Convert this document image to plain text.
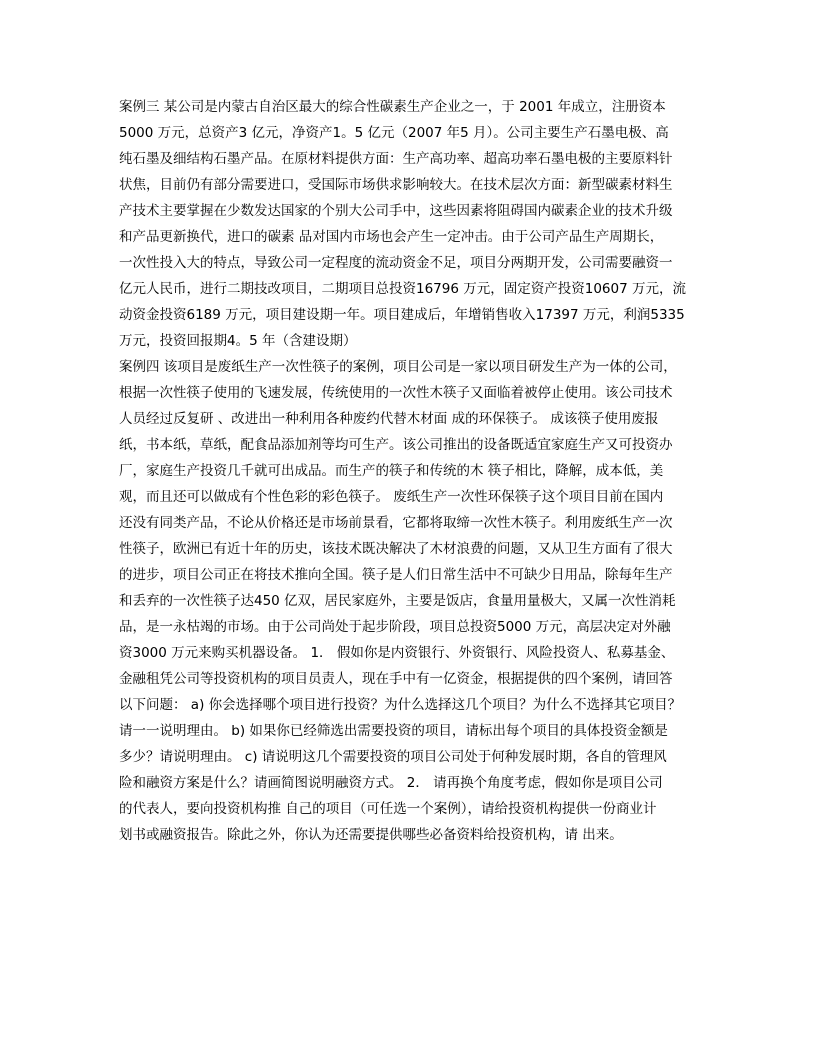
案例三 某公司是内蒙古自治区最大的综合性碳素生产企业之一，于 2001 年成立，注册资本
5000 万元，总资产3 亿元，净资产1。5 亿元（2007 年5 月）。公司主要生产石墨电极、高
纯石墨及细结构石墨产品。在原材料提供方面：生产高功率、超高功率石墨电极的主要原料针
状焦，目前仍有部分需要进口，受国际市场供求影响较大。在技术层次方面：新型碳素材料生
产技术主要掌握在少数发达国家的个别大公司手中，这些因素将阻碍国内碳素企业的技术升级
和产品更新换代，进口的碳素 品对国内市场也会产生一定冲击。由于公司产品生产周期长，
一次性投入大的特点，导致公司一定程度的流动资金不足，项目分两期开发，公司需要融资一
亿元人民币，进行二期技改项目，二期项目总投资16796 万元，固定资产投资10607 万元，流
动资金投资6189 万元，项目建设期一年。项目建成后，年增销售收入17397 万元，利润5335
万元，投资回报期4。5 年（含建设期）
案例四 该项目是废纸生产一次性筷子的案例，项目公司是一家以项目研发生产为一体的公司，
根据一次性筷子使用的飞速发展，传统使用的一次性木筷子又面临着被停止使用。该公司技术
人员经过反复研 、改进出一种利用各种废约代替木材面 成的环保筷子。 成该筷子使用废报
纸，书本纸，草纸，配食品添加剂等均可生产。该公司推出的设备既适宜家庭生产又可投资办
厂，家庭生产投资几千就可出成品。而生产的筷子和传统的木 筷子相比，降解，成本低，美
观，而且还可以做成有个性色彩的彩色筷子。 废纸生产一次性环保筷子这个项目目前在国内
还没有同类产品，不论从价格还是市场前景看，它都将取缔一次性木筷子。利用废纸生产一次
性筷子，欧洲已有近十年的历史，该技术既决解决了木材浪费的问题，又从卫生方面有了很大
的进步，项目公司正在将技术推向全国。筷子是人们日常生活中不可缺少日用品，除每年生产
和丢弃的一次性筷子达450 亿双，居民家庭外，主要是饭店，食量用量极大，又属一次性消耗
品，是一永枯竭的市场。由于公司尚处于起步阶段，项目总投资5000 万元，高层决定对外融
资3000 万元来购买机器设备。 1． 假如你是内资银行、外资银行、风险投资人、私募基金、
金融租凭公司等投资机构的项目员责人，现在手中有一亿资金，根据提供的四个案例，请回答
以下问题： a) 你会选择哪个项目进行投资？为什么选择这几个项目？为什么不选择其它项目？
请一一说明理由。 b) 如果你已经筛选出需要投资的项目，请标出每个项目的具体投资金额是
多少？请说明理由。 c) 请说明这几个需要投资的项目公司处于何种发展时期，各自的管理风
险和融资方案是什么？请画简图说明融资方式。 2． 请再换个角度考虑，假如你是项目公司
的代表人，要向投资机构推 自己的项目（可任选一个案例），请给投资机构提供一份商业计
划书或融资报告。除此之外，你认为还需要提供哪些必备资料给投资机构，请 出来。
